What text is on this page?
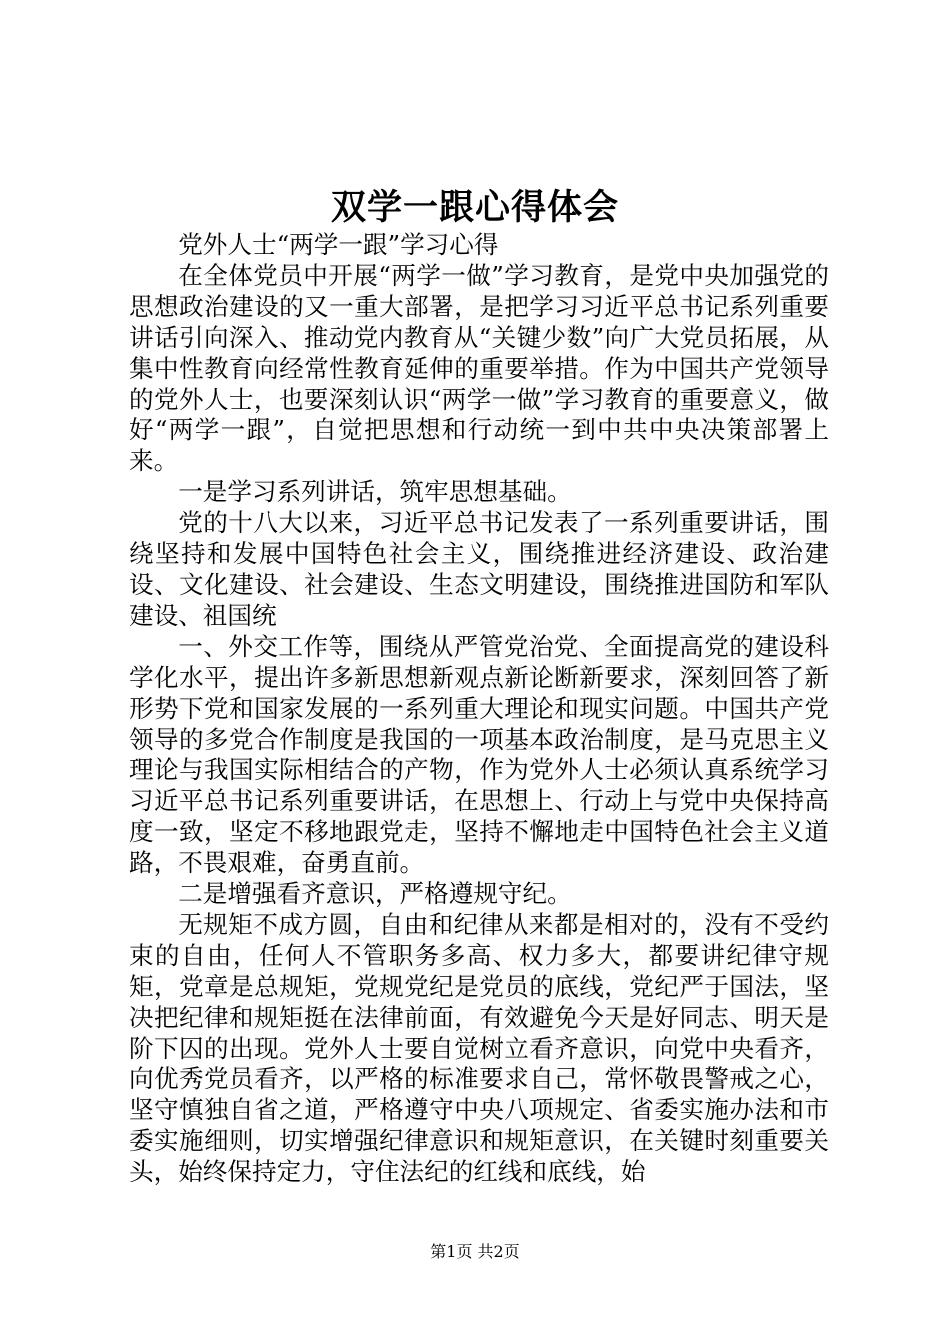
双学一跟心得体会

党外人士“两学一跟”学习心得

在全体党员中开展“两学一做”学习教育，是党中央加强党的思想政治建设的又一重大部署，是把学习习近平总书记系列重要讲话引向深入、推动党内教育从“关键少数”向广大党员拓展，从集中性教育向经常性教育延伸的重要举措。作为中国共产党领导的党外人士，也要深刻认识“两学一做”学习教育的重要意义，做好“两学一跟”，自觉把思想和行动统一到中共中央决策部署上来。

一是学习系列讲话，筑牢思想基础。

党的十八大以来，习近平总书记发表了一系列重要讲话，围绕坚持和发展中国特色社会主义，围绕推进经济建设、政治建设、文化建设、社会建设、生态文明建设，围绕推进国防和军队建设、祖国统

一、外交工作等，围绕从严管党治党、全面提高党的建设科学化水平，提出许多新思想新观点新论断新要求，深刻回答了新形势下党和国家发展的一系列重大理论和现实问题。中国共产党领导的多党合作制度是我国的一项基本政治制度，是马克思主义理论与我国实际相结合的产物，作为党外人士必须认真系统学习习近平总书记系列重要讲话，在思想上、行动上与党中央保持高度一致，坚定不移地跟党走，坚持不懈地走中国特色社会主义道路，不畏艰难，奋勇直前。

二是增强看齐意识，严格遵规守纪。

无规矩不成方圆，自由和纪律从来都是相对的，没有不受约束的自由，任何人不管职务多高、权力多大，都要讲纪律守规矩，党章是总规矩，党规党纪是党员的底线，党纪严于国法，坚决把纪律和规矩挺在法律前面，有效避免今天是好同志、明天是阶下囚的出现。党外人士要自觉树立看齐意识，向党中央看齐，向优秀党员看齐，以严格的标准要求自己，常怀敬畏警戒之心，坚守慎独自省之道，严格遵守中央八项规定、省委实施办法和市委实施细则，切实增强纪律意识和规矩意识，在关键时刻重要关头，始终保持定力，守住法纪的红线和底线，始

第1页 共2页
